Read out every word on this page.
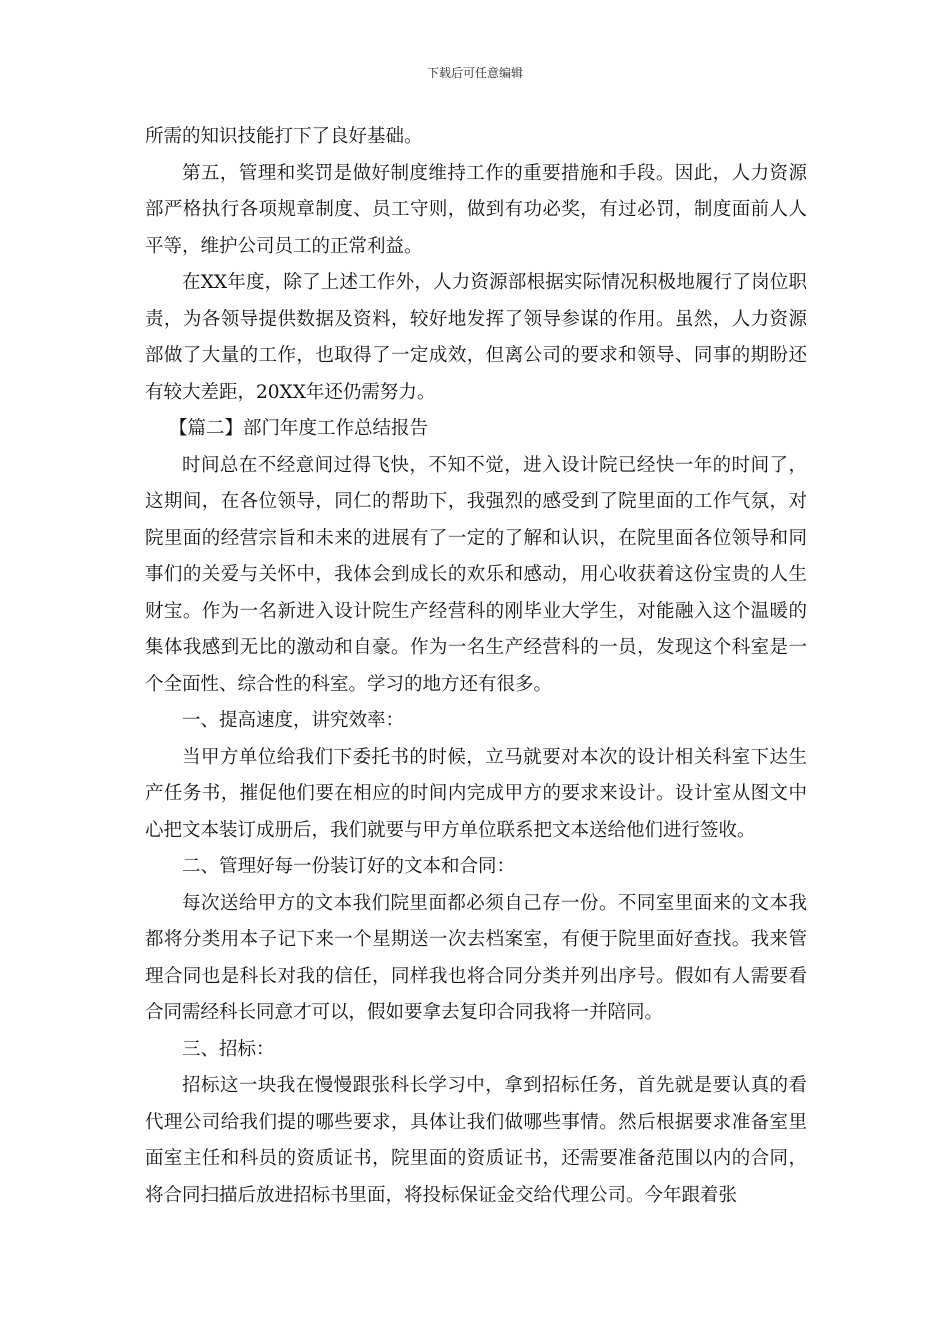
下载后可任意编辑

所需的知识技能打下了良好基础。

第五，管理和奖罚是做好制度维持工作的重要措施和手段。因此，人力资源部严格执行各项规章制度、员工守则，做到有功必奖，有过必罚，制度面前人人平等，维护公司员工的正常利益。

在XX年度，除了上述工作外，人力资源部根据实际情况积极地履行了岗位职责，为各领导提供数据及资料，较好地发挥了领导参谋的作用。虽然，人力资源部做了大量的工作，也取得了一定成效，但离公司的要求和领导、同事的期盼还有较大差距，20XX年还仍需努力。

【篇二】部门年度工作总结报告

时间总在不经意间过得飞快，不知不觉，进入设计院已经快一年的时间了，这期间，在各位领导，同仁的帮助下，我强烈的感受到了院里面的工作气氛，对院里面的经营宗旨和未来的进展有了一定的了解和认识，在院里面各位领导和同事们的关爱与关怀中，我体会到成长的欢乐和感动，用心收获着这份宝贵的人生财宝。作为一名新进入设计院生产经营科的刚毕业大学生，对能融入这个温暖的集体我感到无比的激动和自豪。作为一名生产经营科的一员，发现这个科室是一个全面性、综合性的科室。学习的地方还有很多。

一、提高速度，讲究效率：

当甲方单位给我们下委托书的时候，立马就要对本次的设计相关科室下达生产任务书，摧促他们要在相应的时间内完成甲方的要求来设计。设计室从图文中心把文本装订成册后，我们就要与甲方单位联系把文本送给他们进行签收。

二、管理好每一份装订好的文本和合同：

每次送给甲方的文本我们院里面都必须自己存一份。不同室里面来的文本我都将分类用本子记下来一个星期送一次去档案室，有便于院里面好查找。我来管理合同也是科长对我的信任，同样我也将合同分类并列出序号。假如有人需要看合同需经科长同意才可以，假如要拿去复印合同我将一并陪同。

三、招标：

招标这一块我在慢慢跟张科长学习中，拿到招标任务，首先就是要认真的看代理公司给我们提的哪些要求，具体让我们做哪些事情。然后根据要求准备室里面室主任和科员的资质证书，院里面的资质证书，还需要准备范围以内的合同，将合同扫描后放进招标书里面，将投标保证金交给代理公司。今年跟着张
